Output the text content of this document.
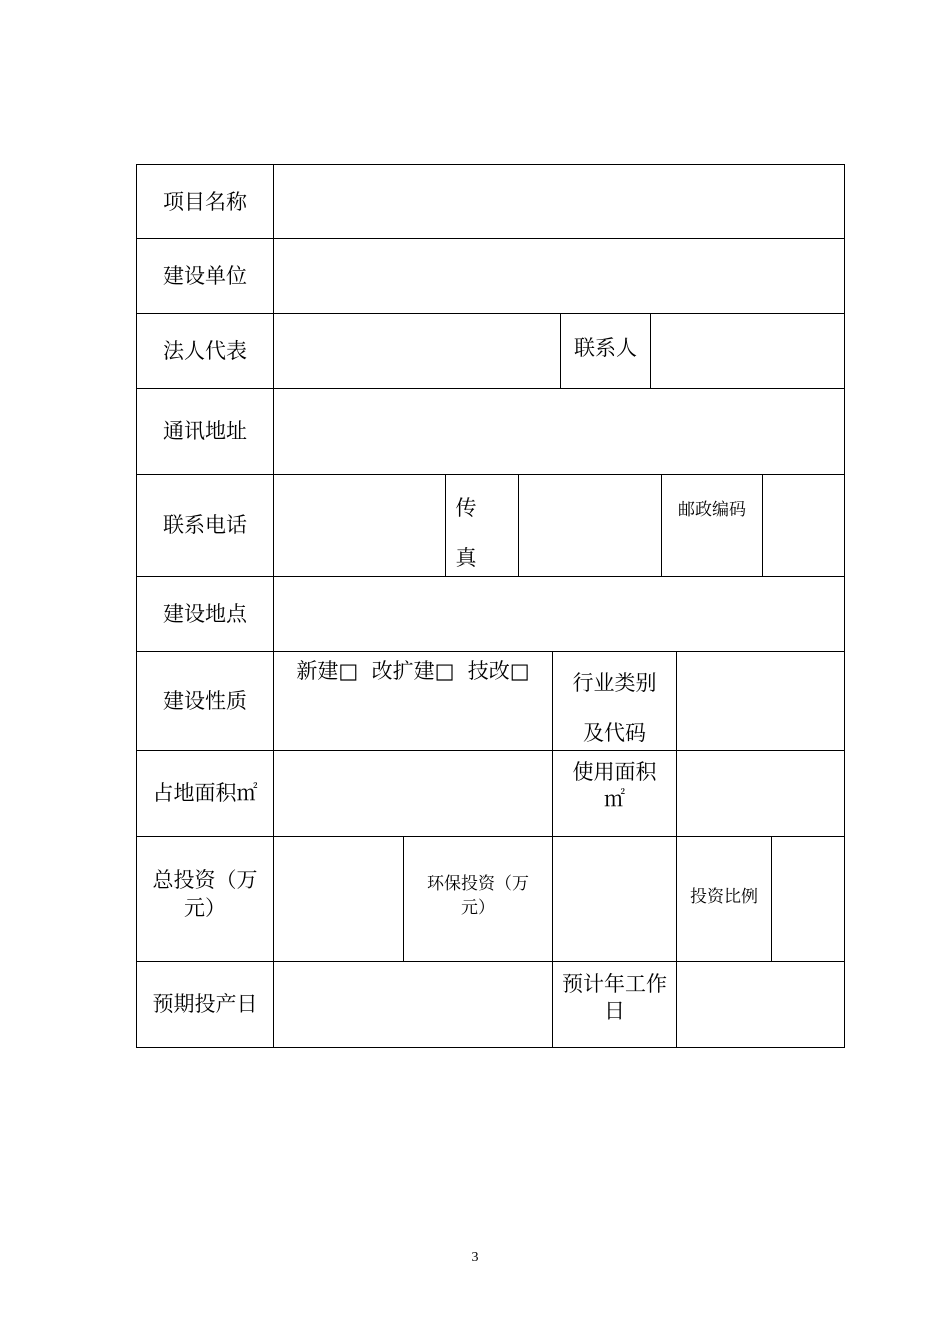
项目名称
建设单位
法人代表	联系人
通讯地址
联系电话
传
真
邮政编码
建设地点
建设性质
新建□  改扩建□  技改□	行业类别
及代码
占地面积㎡
使用面积
㎡
总投资（万元）
环保投资（万
元）
投资比例
预期投产日
预计年工作
日
3
